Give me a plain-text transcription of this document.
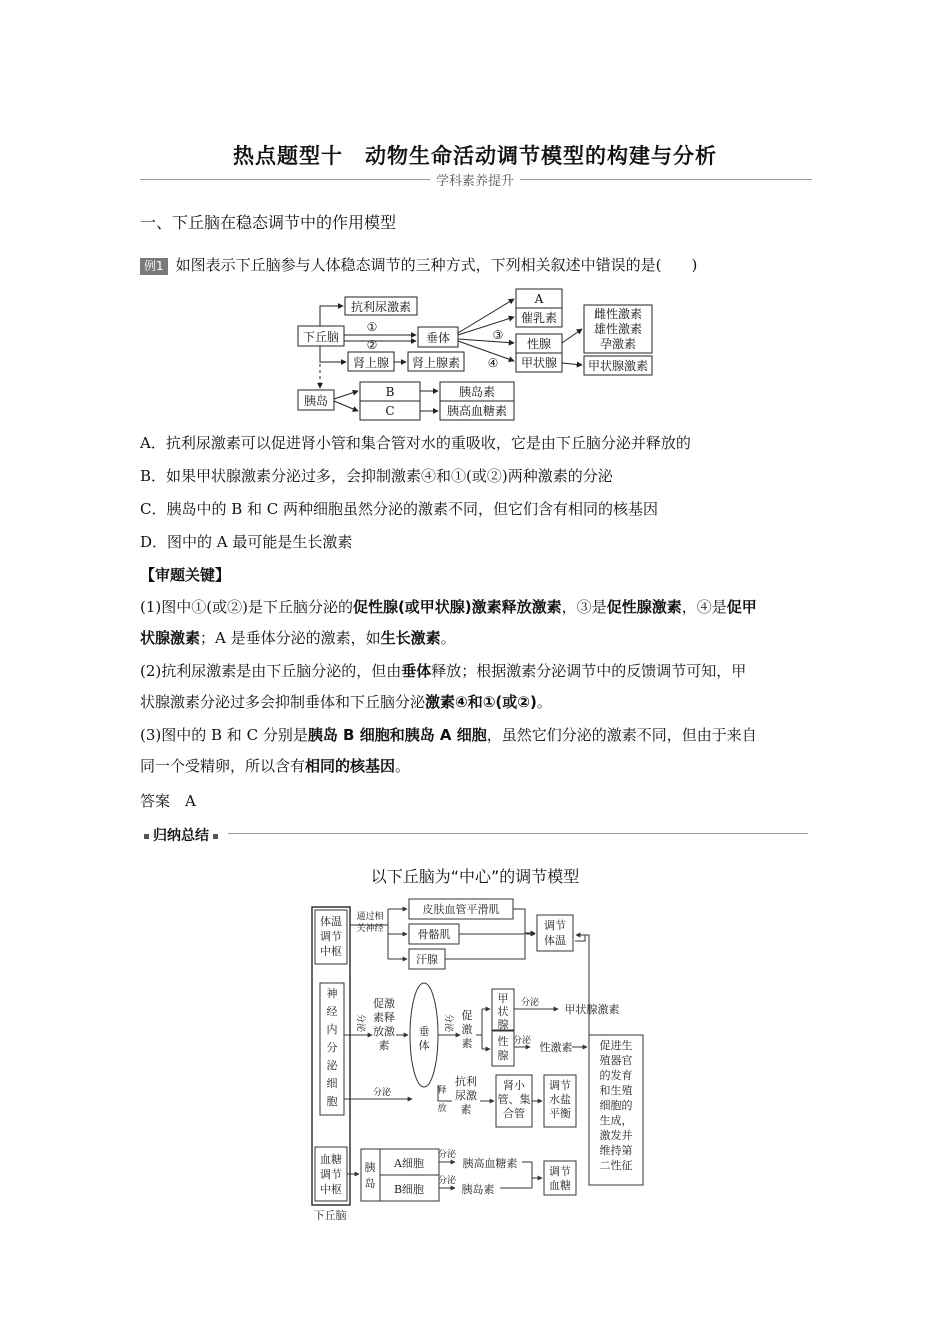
热点题型十　动物生命活动调节模型的构建与分析
学科素养提升
一、下丘脑在稳态调节中的作用模型
例1 如图表示下丘脑参与人体稳态调节的三种方式，下列相关叙述中错误的是(　　)
下丘脑
抗利尿激素
垂体
A
催乳素
性腺
甲状腺
雌性激素
雄性激素
孕激素
甲状腺激素
肾上腺 肾上腺素
胰岛
B
C
胰岛素
胰高血糖素
①
②
③
④
A．抗利尿激素可以促进肾小管和集合管对水的重吸收，它是由下丘脑分泌并释放的
B．如果甲状腺激素分泌过多，会抑制激素④和①(或②)两种激素的分泌
C．胰岛中的 B 和 C 两种细胞虽然分泌的激素不同，但它们含有相同的核基因
D．图中的 A 最可能是生长激素
【审题关键】
(1)图中①(或②)是下丘脑分泌的促性腺(或甲状腺)激素释放激素，③是促性腺激素，④是促甲
状腺激素；A 是垂体分泌的激素，如生长激素。
(2)抗利尿激素是由下丘脑分泌的，但由垂体释放；根据激素分泌调节中的反馈调节可知，甲
状腺激素分泌过多会抑制垂体和下丘脑分泌激素④和①(或②)。
(3)图中的 B 和 C 分别是胰岛 B 细胞和胰岛 A 细胞，虽然它们分泌的激素不同，但由于来自
同一个受精卵，所以含有相同的核基因。
答案　 A
归纳总结
以下丘脑为“中心”的调节模型
体温
调节
中枢
通过相
关神经
皮肤血管平滑肌
骨骼肌
汗腺
调节
体温
神
经
内
分
泌
细
胞
分泌
促激
素释
放激
素
垂
体
分泌 促
激
素
甲
状
腺
分泌 甲状腺激素
性
腺
分泌 性激素 促进生
殖器官
的发育
和生殖
细胞的
生成，
激发并
维持第
二性征
分泌
抗利
尿激
素
释
放
肾小
管、集
合管
调节
水盐
平衡
血糖
调节
中枢
胰
岛
A细胞
B细胞
分泌
分泌
胰高血糖素
胰岛素
调节
血糖
下丘脑
